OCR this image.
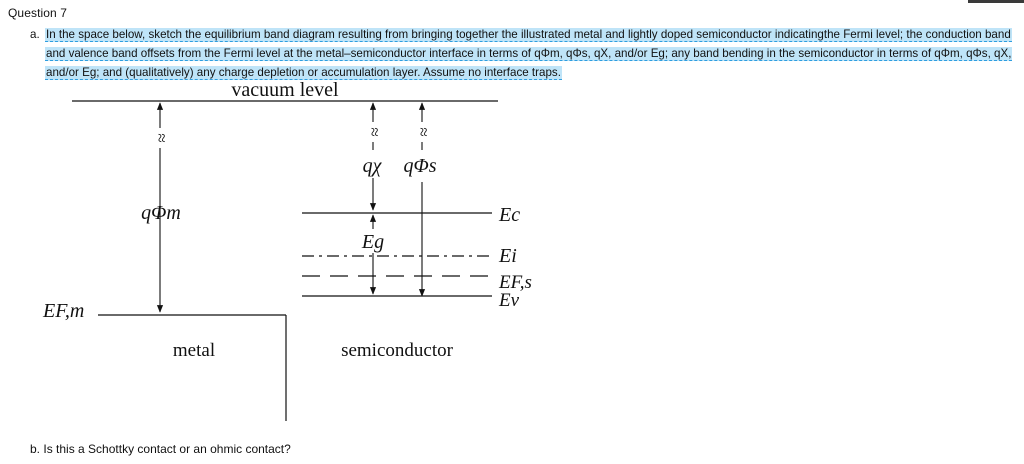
Question 7
a. In the space below, sketch the equilibrium band diagram resulting from bringing together the illustrated metal and lightly doped semiconductor indicatingthe Fermi level; the conduction band and valence band offsets from the Fermi level at the metal–semiconductor interface in terms of qΦm, qΦs, qX, and/or Eg; any band bending in the semiconductor in terms of qΦm, qΦs, qX, and/or Eg; and (qualitatively) any charge depletion or accumulation layer. Assume no interface traps.
vacuum level
≈
qΦm
EF,m
metal
≈
qχ
≈
qΦs
Ec
Ei
EF,s
Ev
Eg
semiconductor
b. Is this a Schottky contact or an ohmic contact?
